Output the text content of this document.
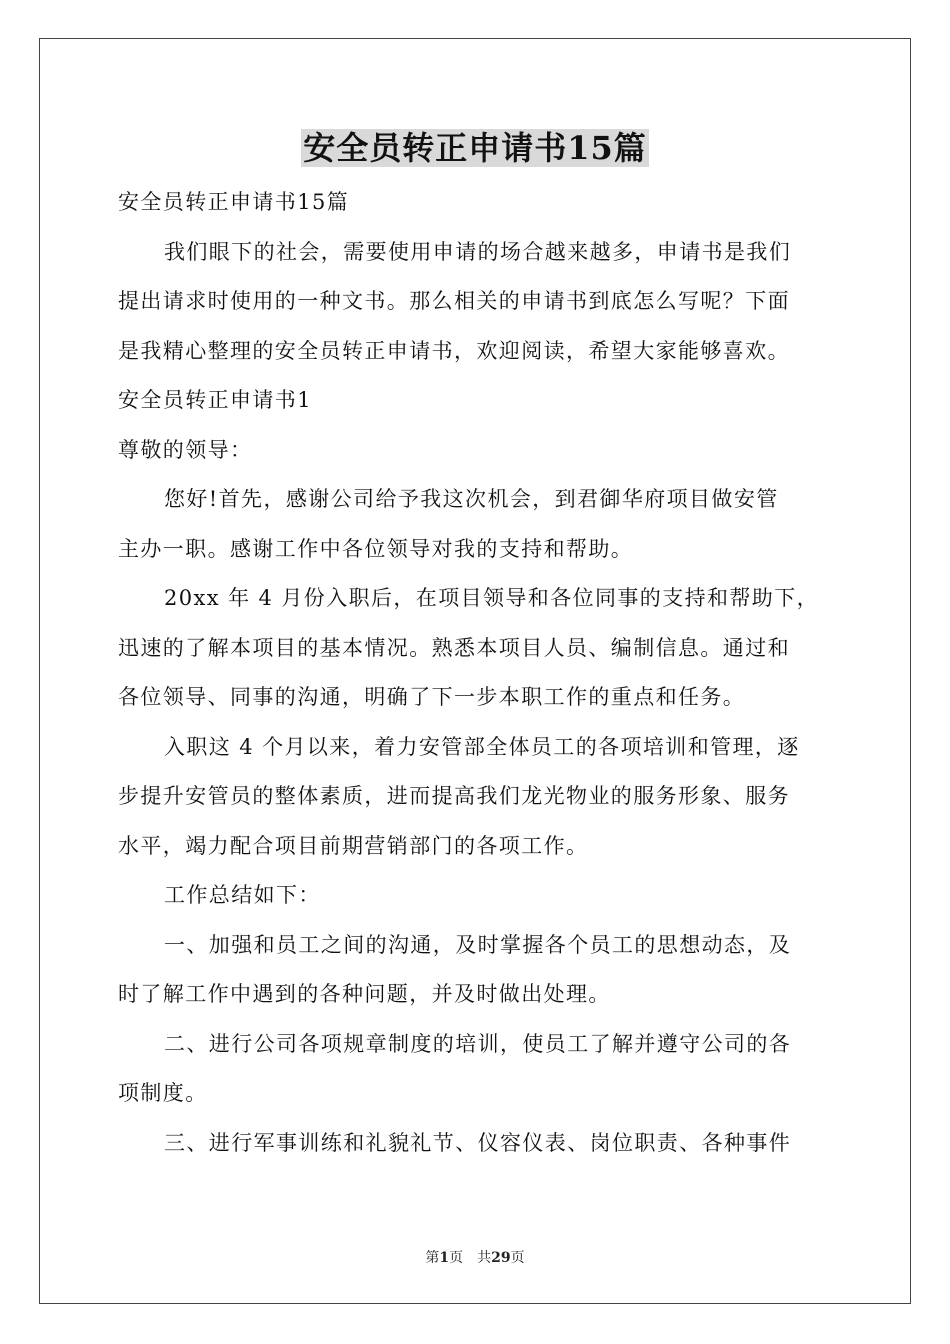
安全员转正申请书15篇
安全员转正申请书15篇
我们眼下的社会，需要使用申请的场合越来越多，申请书是我们
提出请求时使用的一种文书。那么相关的申请书到底怎么写呢？下面
是我精心整理的安全员转正申请书，欢迎阅读，希望大家能够喜欢。
安全员转正申请书1
尊敬的领导：
您好!首先，感谢公司给予我这次机会，到君御华府项目做安管
主办一职。感谢工作中各位领导对我的支持和帮助。
20xx 年 4 月份入职后，在项目领导和各位同事的支持和帮助下，
迅速的了解本项目的基本情况。熟悉本项目人员、编制信息。通过和
各位领导、同事的沟通，明确了下一步本职工作的重点和任务。
入职这 4 个月以来，着力安管部全体员工的各项培训和管理，逐
步提升安管员的整体素质，进而提高我们龙光物业的服务形象、服务
水平，竭力配合项目前期营销部门的各项工作。
工作总结如下：
一、加强和员工之间的沟通，及时掌握各个员工的思想动态，及
时了解工作中遇到的各种问题，并及时做出处理。
二、进行公司各项规章制度的培训，使员工了解并遵守公司的各
项制度。
三、进行军事训练和礼貌礼节、仪容仪表、岗位职责、各种事件
第1页　共29页
